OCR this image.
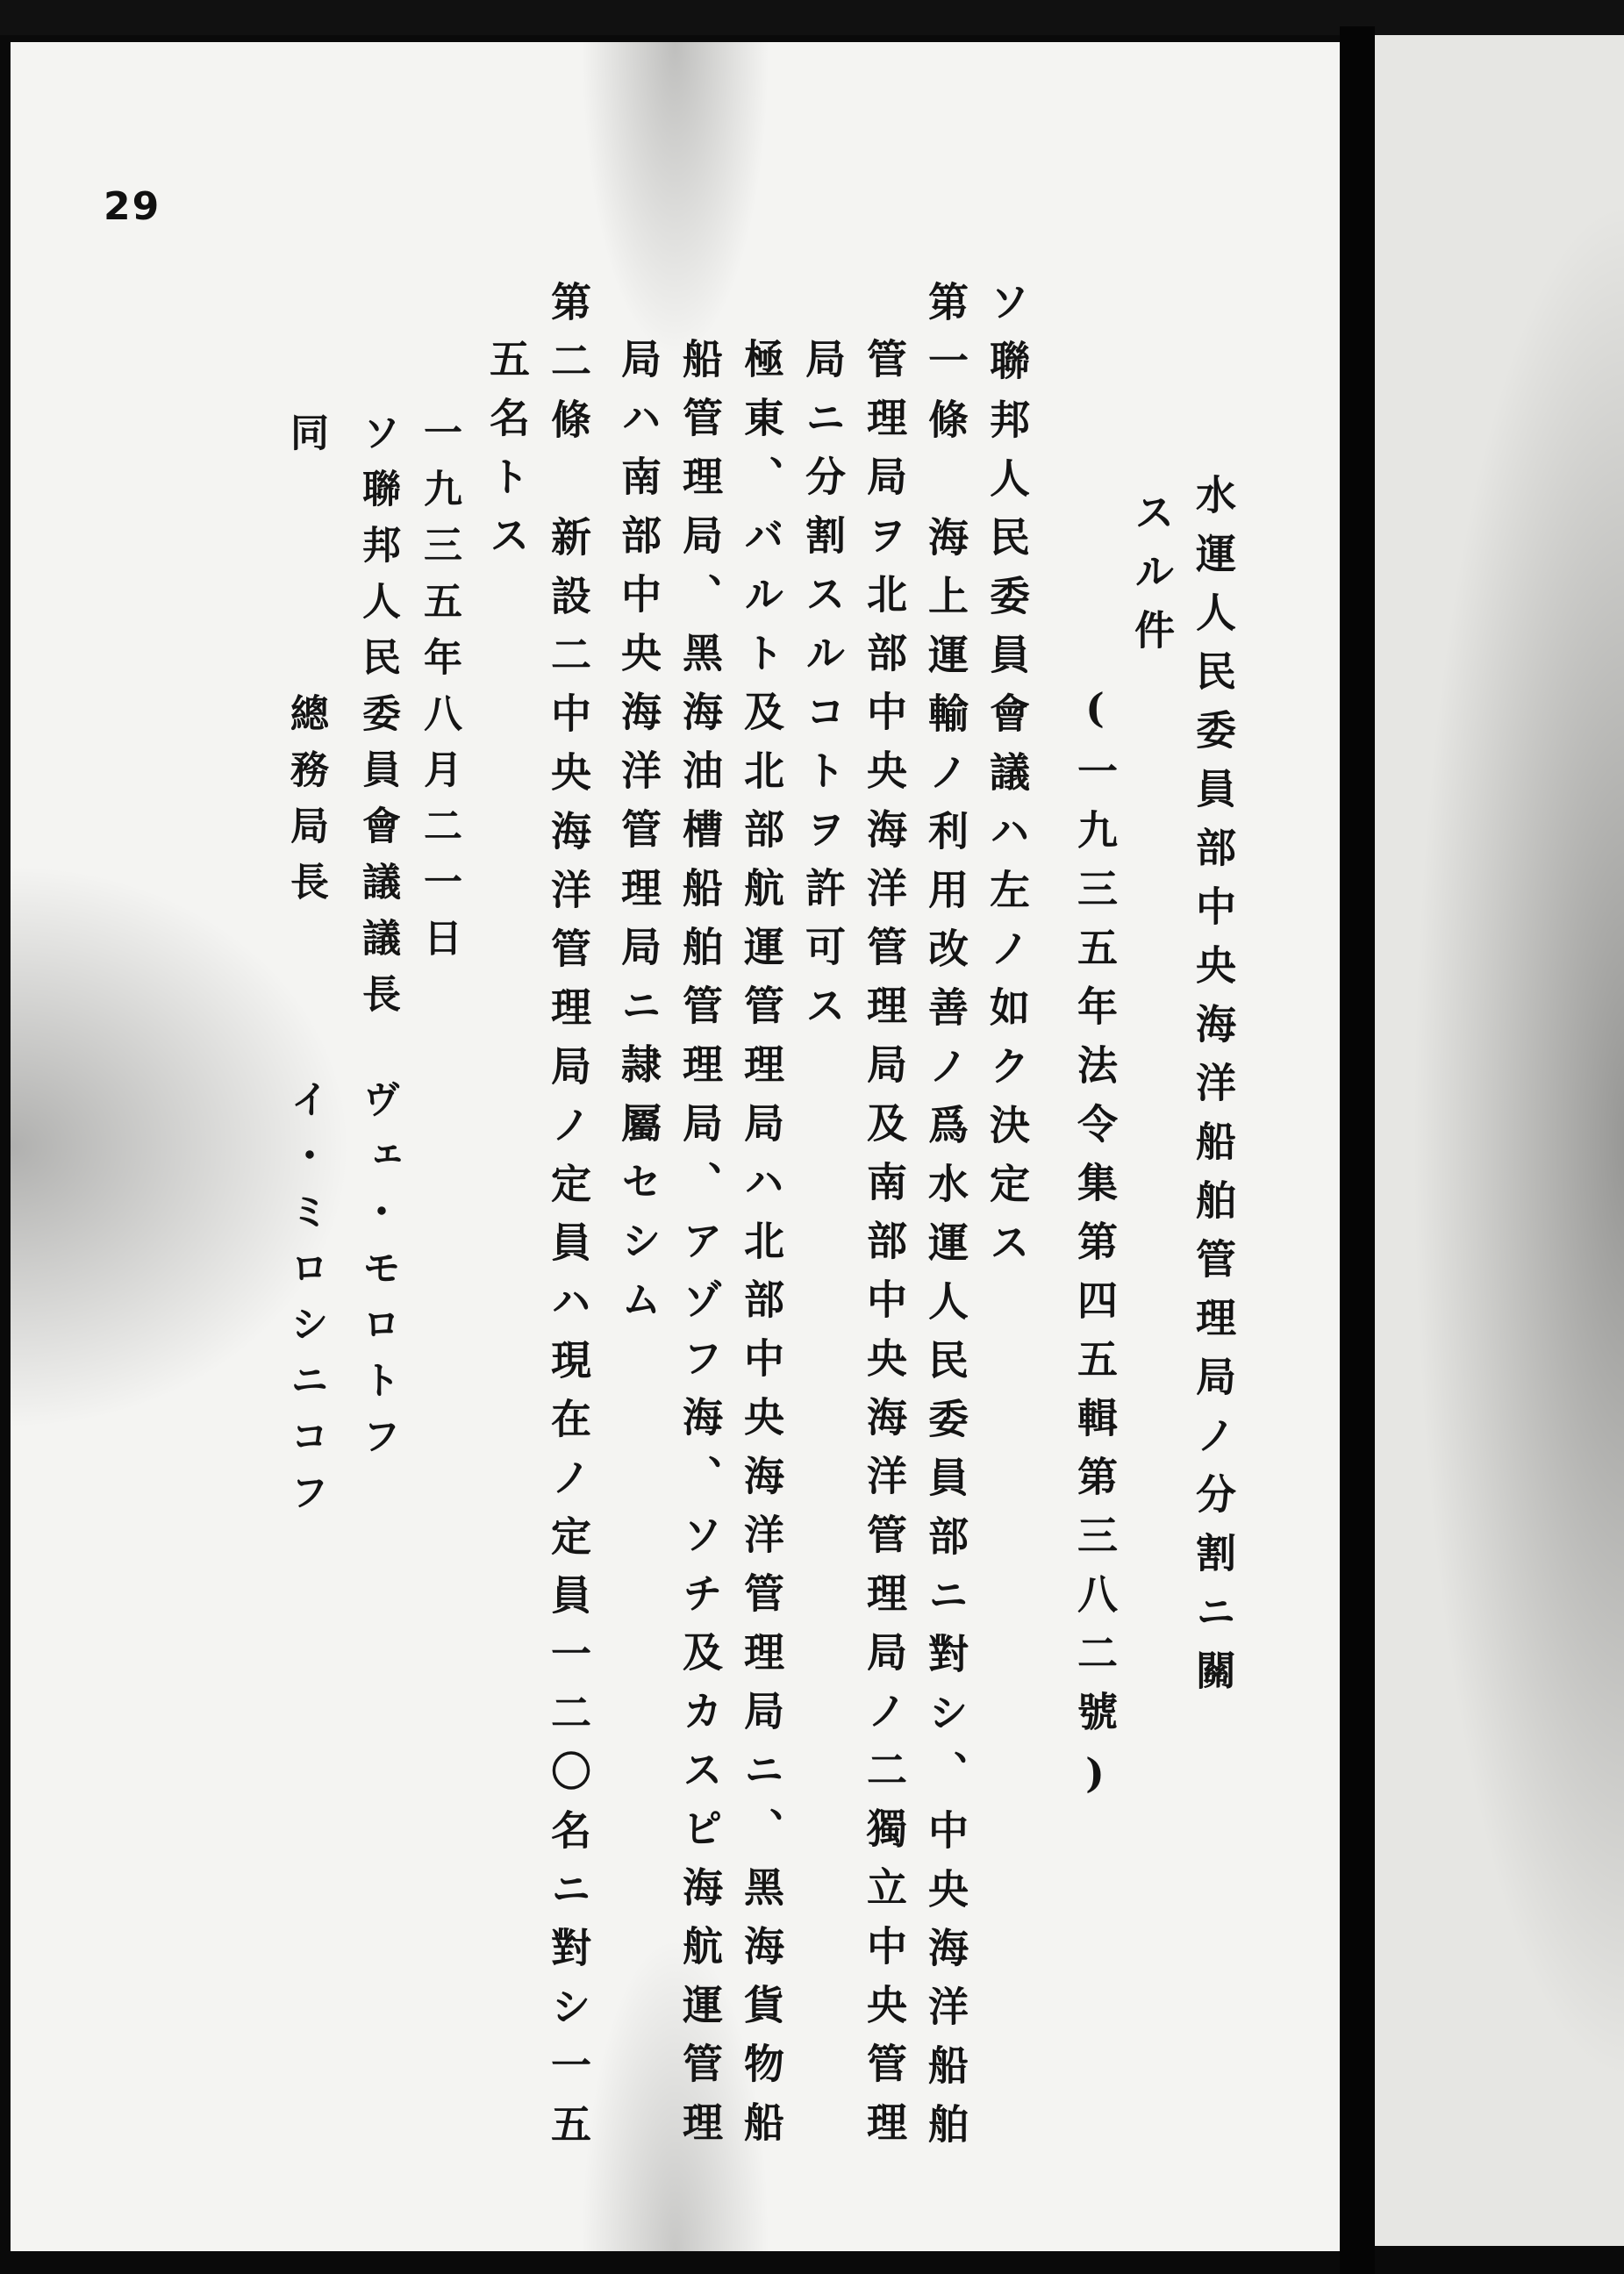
29
水運人民委員部中央海洋船舶管理局ノ分割ニ關
スル件
(一九三五年法令集第四五輯第三八二號)
ソ聯邦人民委員會議ハ左ノ如ク決定ス
第一條　海上運輸ノ利用改善ノ爲水運人民委員部ニ對シ、中央海洋船舶
管理局ヲ北部中央海洋管理局及南部中央海洋管理局ノ二獨立中央管理
局ニ分割スルコトヲ許可ス
極東、バルト及北部航運管理局ハ北部中央海洋管理局ニ、黑海貨物船
船管理局、黑海油槽船舶管理局、アゾフ海、ソチ及カスピ海航運管理
局ハ南部中央海洋管理局ニ隷屬セシム
第二條　新設二中央海洋管理局ノ定員ハ現在ノ定員一二〇名ニ對シ一五
五名トス
一九三五年八月二一日
ソ聯邦人民委員會議議長
ヴェ・モロトフ
同　　　　總務局長
イ・ミロシニコフ
